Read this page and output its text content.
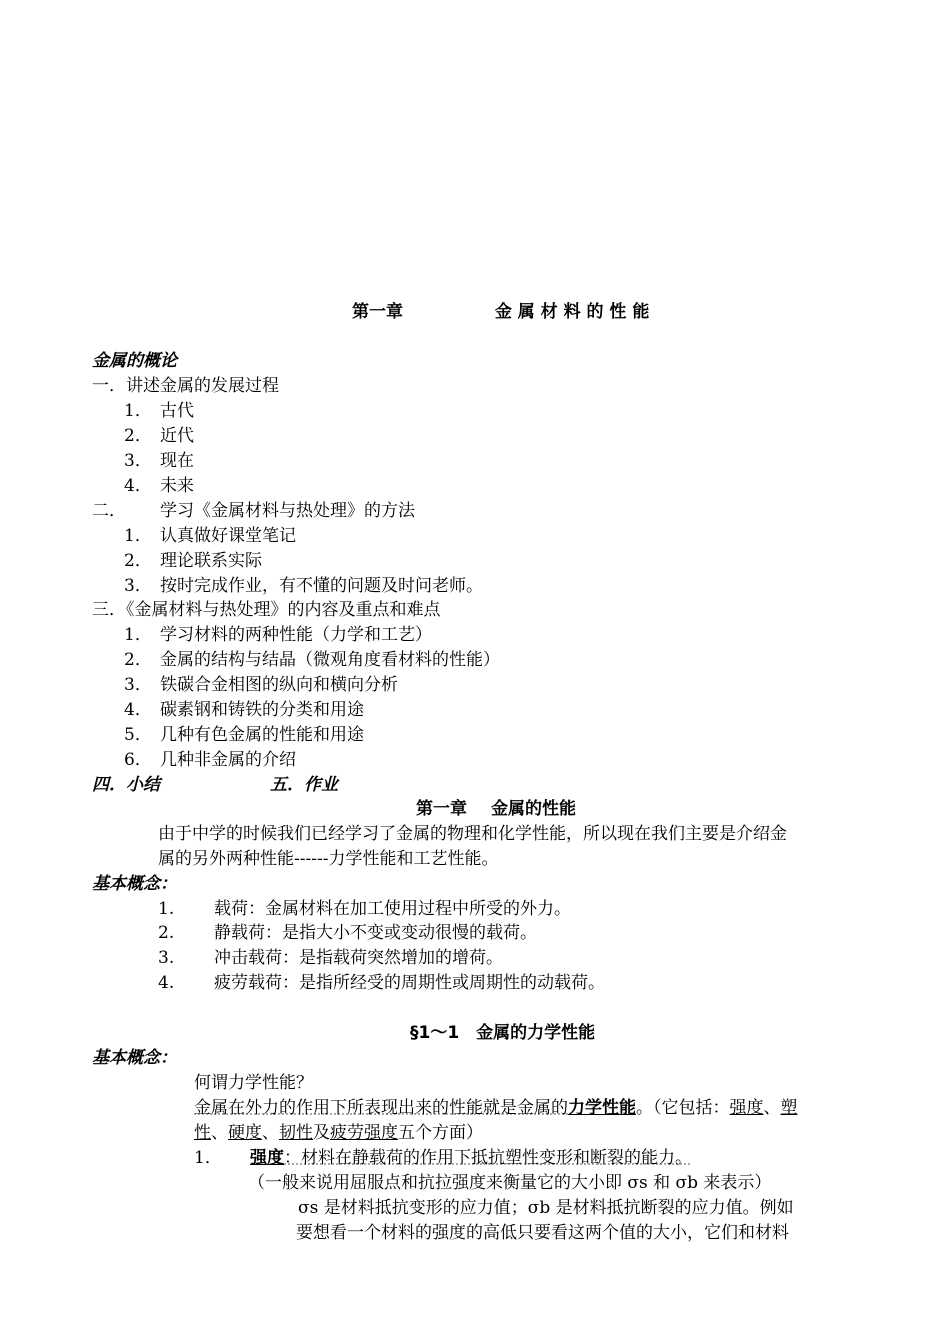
第一章	金 属 材 料 的 性 能
金属的概论
一．讲述金属的发展过程
1． 古代
2． 近代
3． 现在
4． 未来
二． 学习《金属材料与热处理》的方法
1． 认真做好课堂笔记
2． 理论联系实际
3． 按时完成作业，有不懂的问题及时问老师。
三．《金属材料与热处理》的内容及重点和难点
1． 学习材料的两种性能（力学和工艺）
2． 金属的结构与结晶（微观角度看材料的性能）
3． 铁碳合金相图的纵向和横向分析
4． 碳素钢和铸铁的分类和用途
5． 几种有色金属的性能和用途
6． 几种非金属的介绍
四．小结	五．作业
第一章 金属的性能
由于中学的时候我们已经学习了金属的物理和化学性能，所以现在我们主要是介绍金
属的另外两种性能------力学性能和工艺性能。
基本概念：
1. 载荷：金属材料在加工使用过程中所受的外力。
2. 静载荷：是指大小不变或变动很慢的载荷。
3. 冲击载荷：是指载荷突然增加的增荷。
4. 疲劳载荷：是指所经受的周期性或周期性的动载荷。
§1～1　金属的力学性能
基本概念：
何谓力学性能？
金属在外力的作用下所表现出来的性能就是金属的力学性能。（它包括：强度、塑
性、硬度、韧性及疲劳强度五个方面）
1． 强度：材料在静载荷的作用下抵抗塑性变形和断裂的能力。
（一般来说用屈服点和抗拉强度来衡量它的大小即 σs 和 σb 来表示）
σs 是材料抵抗变形的应力值；σb 是材料抵抗断裂的应力值。例如
要想看一个材料的强度的高低只要看这两个值的大小，它们和材料
